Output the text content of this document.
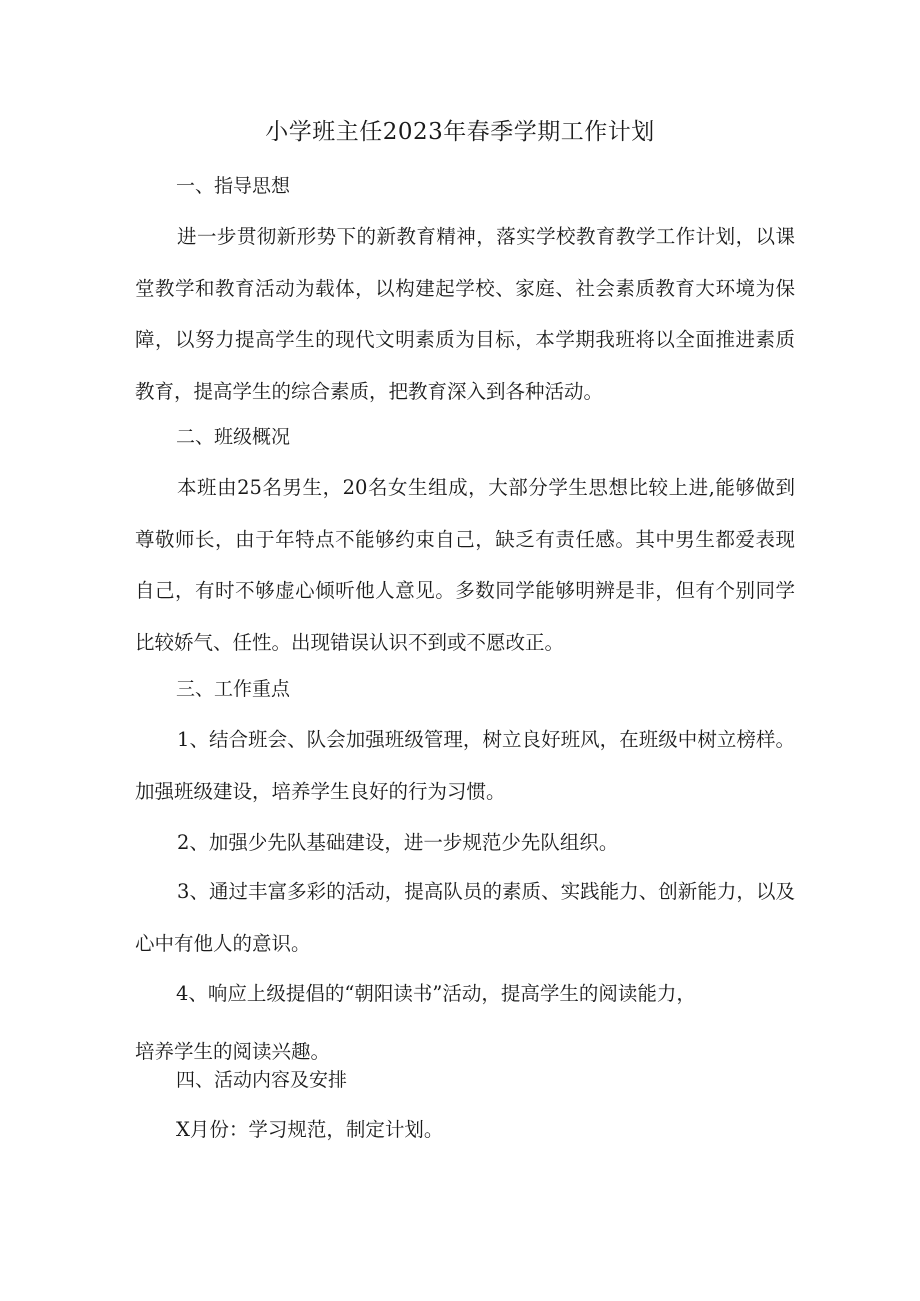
小学班主任2023年春季学期工作计划
一、指导思想

进一步贯彻新形势下的新教育精神，落实学校教育教学工作计划，以课堂教学和教育活动为载体，以构建起学校、家庭、社会素质教育大环境为保障，以努力提高学生的现代文明素质为目标，本学期我班将以全面推进素质教育，提高学生的综合素质，把教育深入到各种活动。

二、班级概况

本班由25名男生，20名女生组成，大部分学生思想比较上进,能够做到尊敬师长，由于年特点不能够约束自己，缺乏有责任感。其中男生都爱表现自己，有时不够虚心倾听他人意见。多数同学能够明辨是非，但有个别同学比较娇气、任性。出现错误认识不到或不愿改正。

三、工作重点

1、结合班会、队会加强班级管理，树立良好班风，在班级中树立榜样。加强班级建设，培养学生良好的行为习惯。

2、加强少先队基础建设，进一步规范少先队组织。

3、通过丰富多彩的活动，提高队员的素质、实践能力、创新能力，以及心中有他人的意识。

4、响应上级提倡的“朝阳读书”活动，提高学生的阅读能力，
培养学生的阅读兴趣。
四、活动内容及安排
X月份：学习规范，制定计划。
